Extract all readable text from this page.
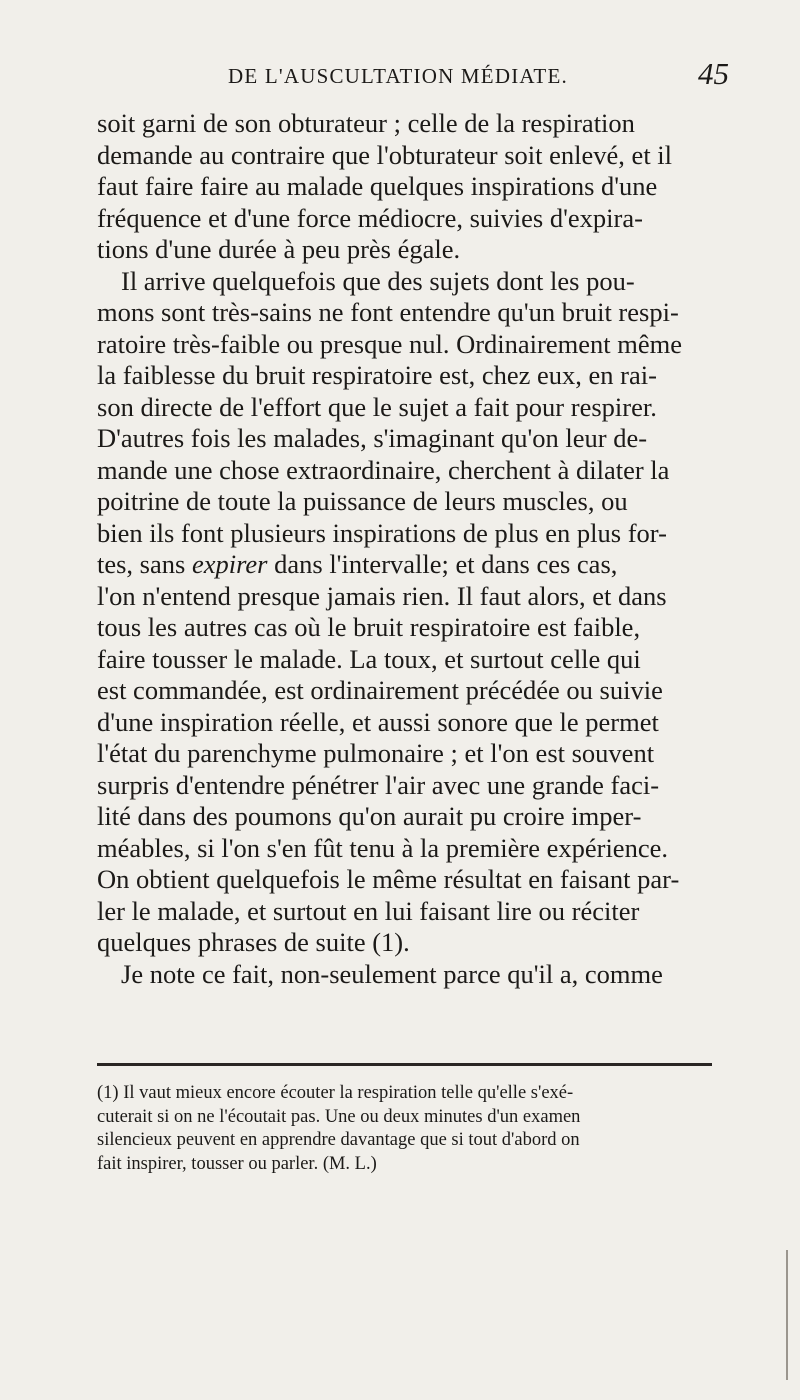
DE L'AUSCULTATION MÉDIATE.	45
soit garni de son obturateur ; celle de la respiration
demande au contraire que l'obturateur soit enlevé, et il
faut faire faire au malade quelques inspirations d'une
fréquence et d'une force médiocre, suivies d'expira-
tions d'une durée à peu près égale.
Il arrive quelquefois que des sujets dont les pou-
mons sont très-sains ne font entendre qu'un bruit respi-
ratoire très-faible ou presque nul. Ordinairement même
la faiblesse du bruit respiratoire est, chez eux, en rai-
son directe de l'effort que le sujet a fait pour respirer.
D'autres fois les malades, s'imaginant qu'on leur de-
mande une chose extraordinaire, cherchent à dilater la
poitrine de toute la puissance de leurs muscles, ou
bien ils font plusieurs inspirations de plus en plus for-
tes, sans expirer dans l'intervalle; et dans ces cas,
l'on n'entend presque jamais rien. Il faut alors, et dans
tous les autres cas où le bruit respiratoire est faible,
faire tousser le malade. La toux, et surtout celle qui
est commandée, est ordinairement précédée ou suivie
d'une inspiration réelle, et aussi sonore que le permet
l'état du parenchyme pulmonaire ; et l'on est souvent
surpris d'entendre pénétrer l'air avec une grande faci-
lité dans des poumons qu'on aurait pu croire imper-
méables, si l'on s'en fût tenu à la première expérience.
On obtient quelquefois le même résultat en faisant par-
ler le malade, et surtout en lui faisant lire ou réciter
quelques phrases de suite (1).
Je note ce fait, non-seulement parce qu'il a, comme
(1) Il vaut mieux encore écouter la respiration telle qu'elle s'exé-
cuterait si on ne l'écoutait pas. Une ou deux minutes d'un examen
silencieux peuvent en apprendre davantage que si tout d'abord on
fait inspirer, tousser ou parler. (M. L.)
